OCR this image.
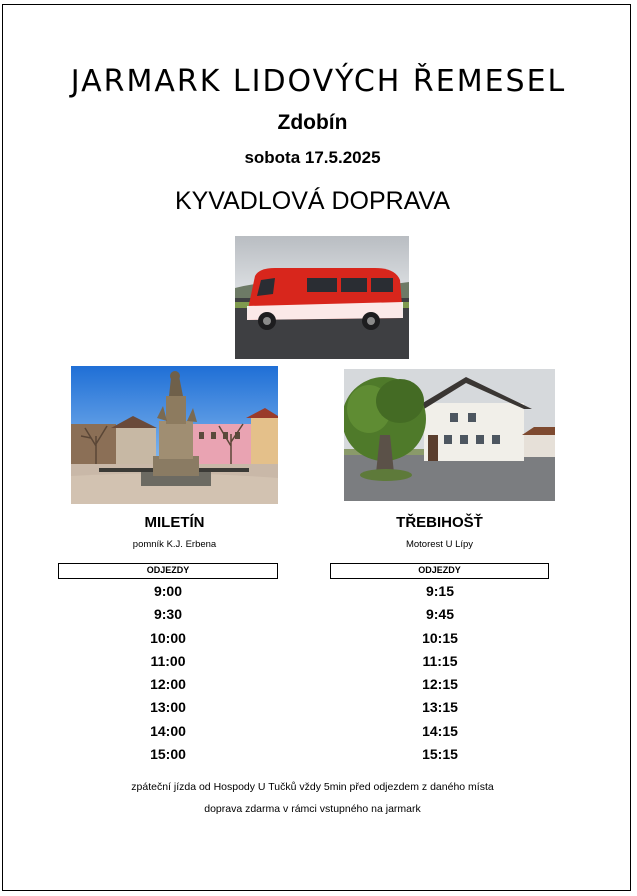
JARMARK LIDOVÝCH ŘEMESEL
Zdobín
sobota 17.5.2025
KYVADLOVÁ DOPRAVA
MILETÍN
pomník K.J. Erbena
TŘEBIHOŠŤ
Motorest U Lípy
ODJEZDY	ODJEZDY
9:00
9:30
10:00
11:00
12:00
13:00
14:00
15:00
9:15
9:45
10:15
11:15
12:15
13:15
14:15
15:15
zpáteční jízda od Hospody U Tučků vždy 5min před odjezdem z daného místa
doprava zdarma v rámci vstupného na jarmark
